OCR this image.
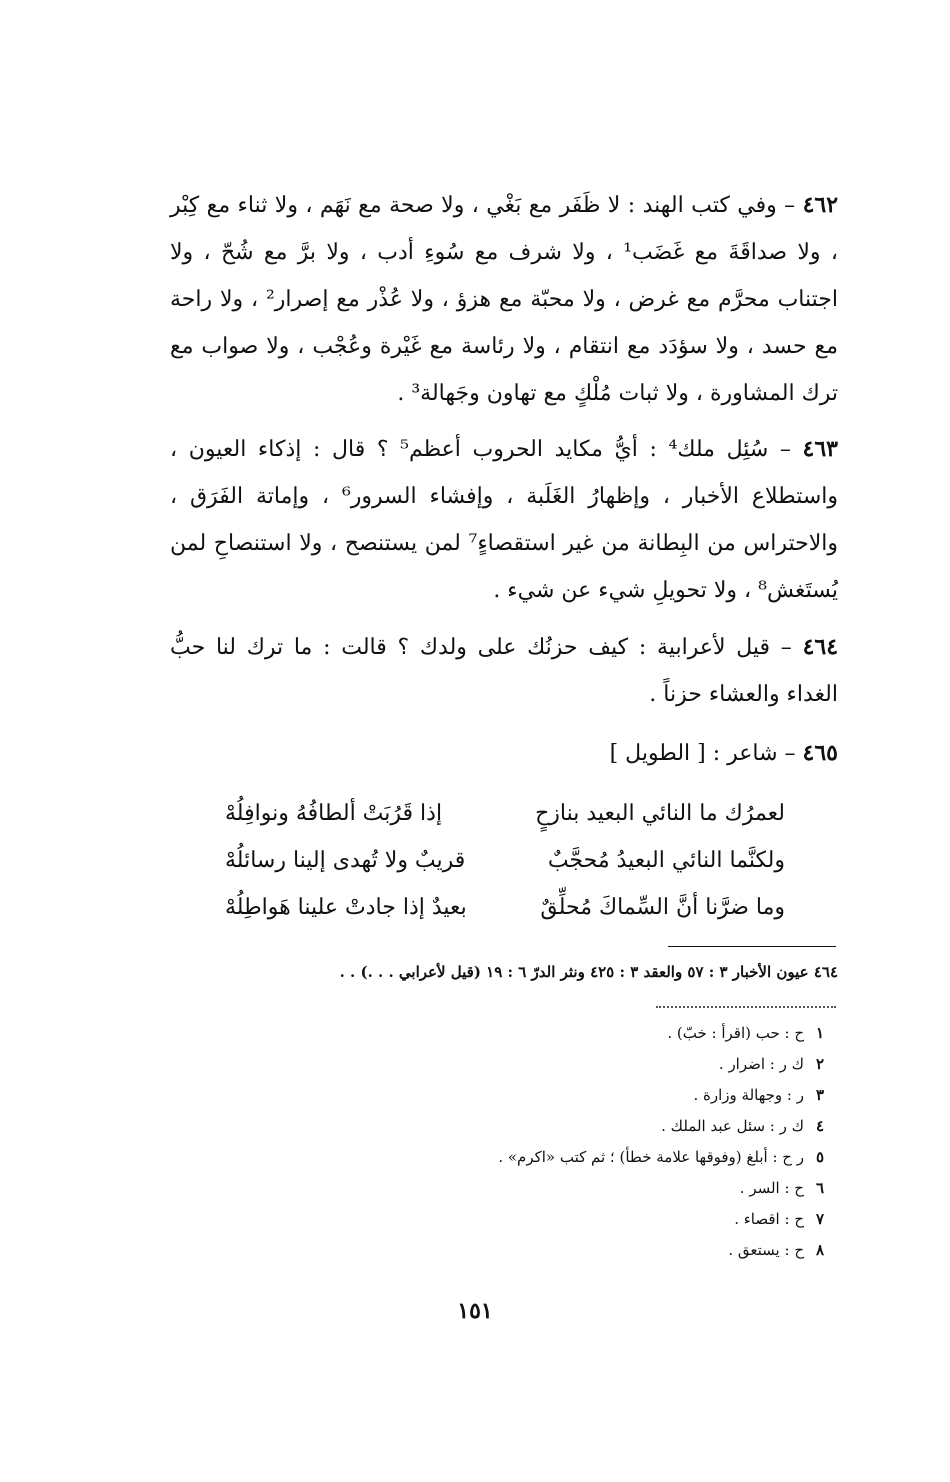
٤٦٢ – وفي كتب الهند : لا ظَفَر مع بَغْي ، ولا صحة مع نَهَم ، ولا ثناء مع كِبْر ، ولا صداقَةَ مع غَضَب¹ ، ولا شرف مع سُوءِ أدب ، ولا برَّ مع شُحّ ، ولا اجتناب محرَّم مع غرض ، ولا محبّة مع هزؤ ، ولا عُذْر مع إصرار² ، ولا راحة مع حسد ، ولا سؤدَد مع انتقام ، ولا رئاسة مع غَيْرة وعُجْب ، ولا صواب مع ترك المشاورة ، ولا ثبات مُلْكٍ مع تهاون وجَهالة³ .
٤٦٣ – سُئِل ملك⁴ : أيُّ مكايد الحروب أعظم⁵ ؟ قال : إذكاء العيون ، واستطلاع الأخبار ، وإظهارُ الغَلَبة ، وإفشاء السرور⁶ ، وإماتة الفَرَق ، والاحتراس من البِطانة من غير استقصاءٍ⁷ لمن يستنصح ، ولا استنصاحِ لمن يُستَغش⁸ ، ولا تحويلِ شيء عن شيء .
٤٦٤ – قيل لأعرابية : كيف حزنُك على ولدك ؟ قالت : ما ترك لنا حبُّ الغداء والعشاء حزناً .
٤٦٥ – شاعر : [ الطويل ]
لعمرُك ما النائي البعيد بنازحٍ
إذا قَرُبَتْ ألطافُهُ ونوافِلُهْ
ولكنَّما النائي البعيدُ مُحجَّبٌ
قريبٌ ولا تُهدى إلينا رسائلُهْ
وما ضرَّنا أنَّ السِّماكَ مُحلِّقٌ
بعيدٌ إذا جادتْ علينا هَواطِلُهْ
٤٦٤ عيون الأخبار ٣ : ٥٧ والعقد ٣ : ٤٢٥ ونثر الدرّ ٦ : ١٩ (قيل لأعرابي . . .) . .
١
ح : حب (اقرأ : خبّ) .
٢
ك ر : اضرار .
٣
ر : وجهالة وزارة .
٤
ك ر : سئل عبد الملك .
٥
ر ح : أبلغ (وفوقها علامة خطأ) ؛ ثم كتب «اكرم» .
٦
ح : السر .
٧
ح : اقصاء .
٨
ح : يستعق .
١٥١
